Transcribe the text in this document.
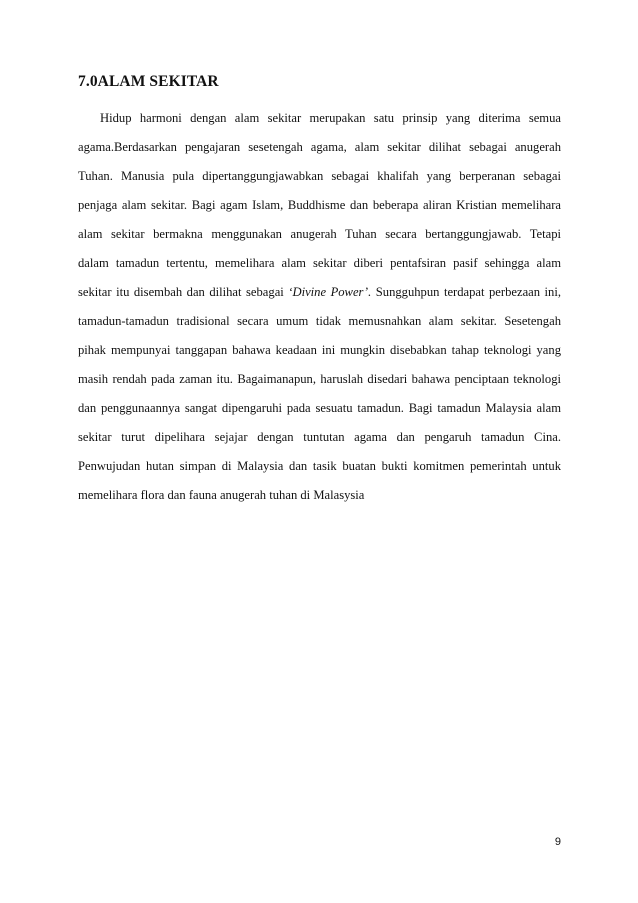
7.0ALAM SEKITAR
Hidup harmoni dengan alam sekitar merupakan satu prinsip yang diterima semua
agama.Berdasarkan pengajaran sesetengah agama, alam sekitar dilihat sebagai anugerah
Tuhan. Manusia pula dipertanggungjawabkan sebagai khalifah yang berperanan sebagai
penjaga alam sekitar. Bagi agam Islam, Buddhisme dan beberapa aliran Kristian memelihara
alam sekitar bermakna menggunakan anugerah Tuhan secara bertanggungjawab. Tetapi
dalam tamadun tertentu, memelihara alam sekitar diberi pentafsiran pasif sehingga alam
sekitar itu disembah dan dilihat sebagai ‘Divine Power’. Sungguhpun terdapat perbezaan ini,
tamadun-tamadun tradisional secara umum tidak memusnahkan alam sekitar. Sesetengah
pihak mempunyai tanggapan bahawa keadaan ini mungkin disebabkan tahap teknologi yang
masih rendah pada zaman itu. Bagaimanapun, haruslah disedari bahawa penciptaan teknologi
dan penggunaannya sangat dipengaruhi pada sesuatu tamadun. Bagi tamadun Malaysia alam
sekitar turut dipelihara sejajar dengan tuntutan agama dan pengaruh tamadun Cina.
Penwujudan hutan simpan di Malaysia dan tasik buatan bukti komitmen pemerintah untuk
memelihara flora dan fauna anugerah tuhan di Malasysia

9
